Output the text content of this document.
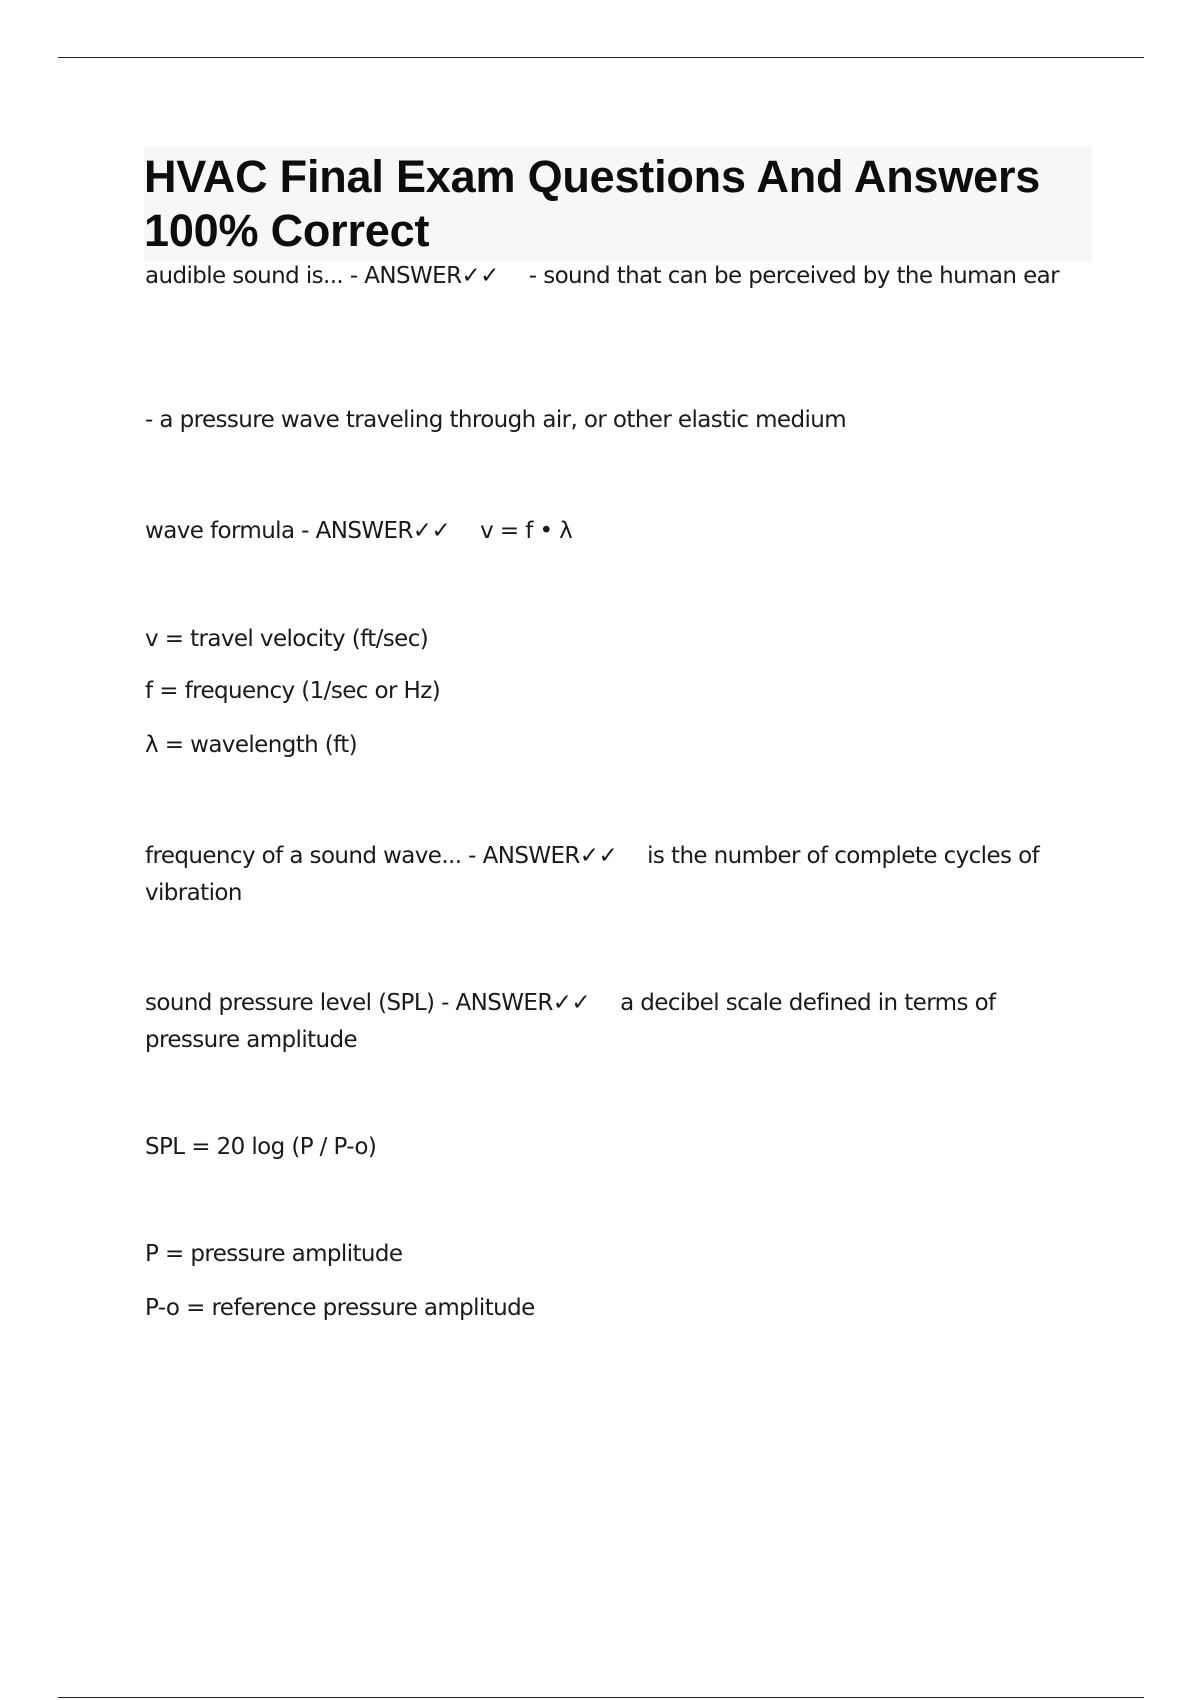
HVAC Final Exam Questions And Answers 100% Correct

audible sound is... - ANSWER✓✓ - sound that can be perceived by the human ear

- a pressure wave traveling through air, or other elastic medium

wave formula - ANSWER✓✓ v = f • λ

v = travel velocity (ft/sec)

f = frequency (1/sec or Hz)

λ = wavelength (ft)

frequency of a sound wave... - ANSWER✓✓ is the number of complete cycles of vibration

sound pressure level (SPL) - ANSWER✓✓ a decibel scale defined in terms of pressure amplitude

SPL = 20 log (P / P-o)

P = pressure amplitude

P-o = reference pressure amplitude
